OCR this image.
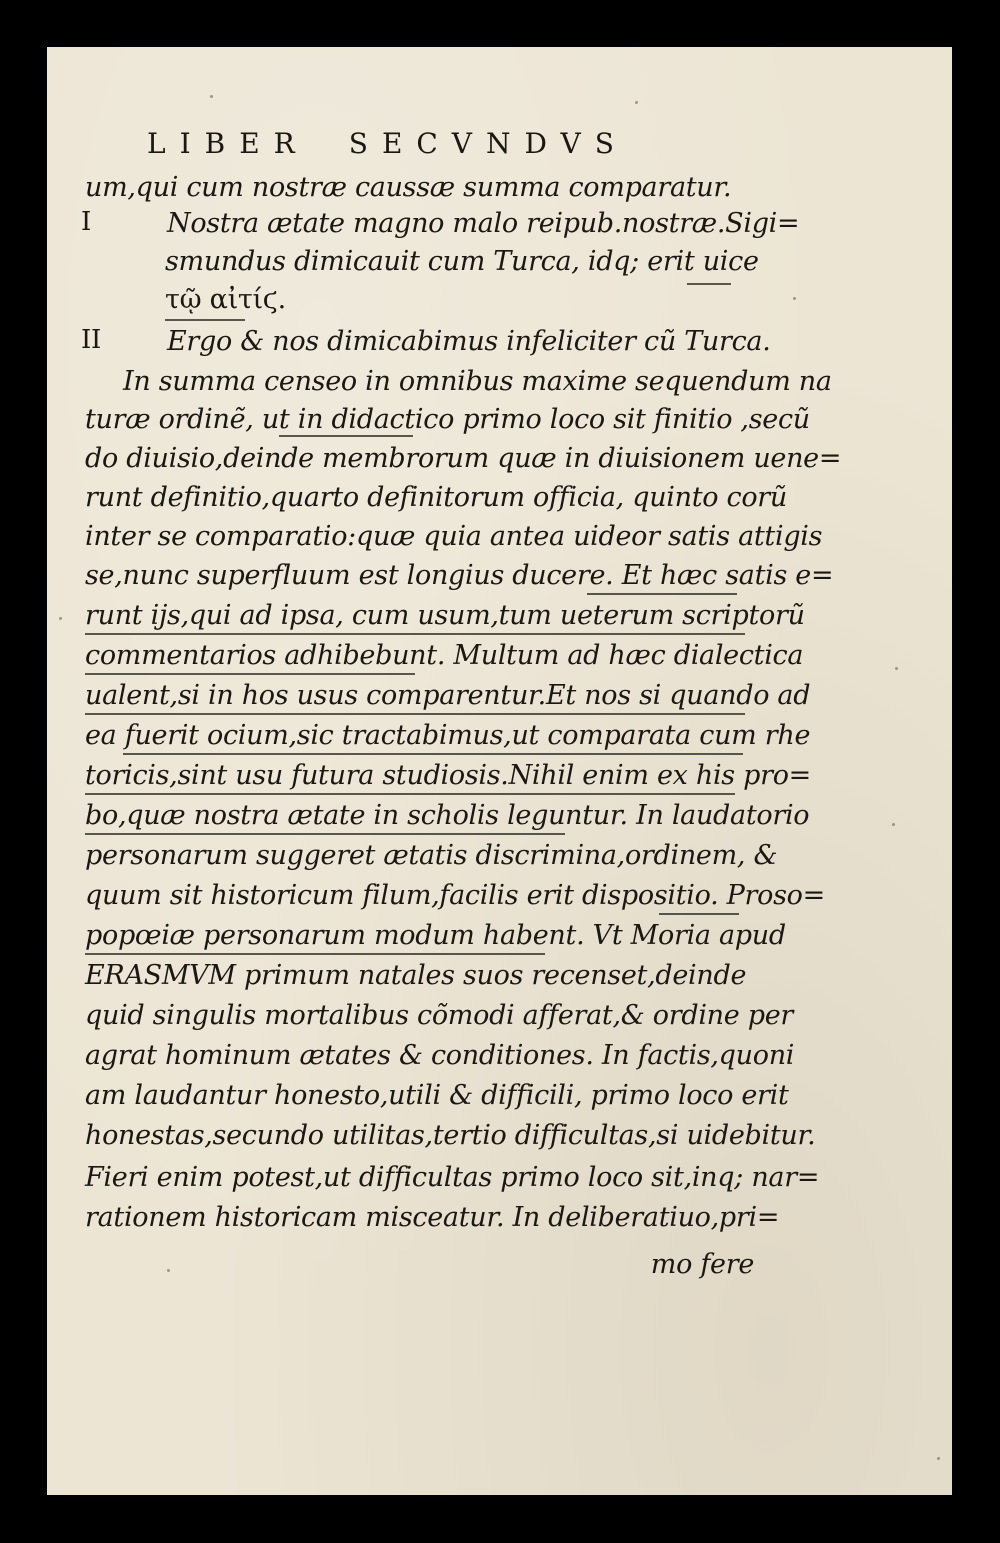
LIBER SECVNDVS
um,qui cum nostræ caussæ summa comparatur.
I	Nostra ætate magno malo reipub.nostræ.Sigi=
smundus dimicauit cum Turca, idq; erit uice
τῷ αἰτίϛ.
II Ergo & nos dimicabimus infeliciter cũ Turca.
In summa censeo in omnibus maxime sequendum na
turæ ordinẽ, ut in didactico primo loco sit finitio ,secũ
do diuisio,deinde membrorum quæ in diuisionem uene=
runt definitio,quarto definitorum officia, quinto corũ
inter se comparatio:quæ quia antea uideor satis attigis
se,nunc superfluum est longius ducere. Et hæc satis e=
runt ijs,qui ad ipsa, cum usum,tum ueterum scriptorũ
commentarios adhibebunt. Multum ad hæc dialectica
ualent,si in hos usus comparentur.Et nos si quando ad
ea fuerit ocium,sic tractabimus,ut comparata cum rhe
toricis,sint usu futura studiosis.Nihil enim ex his pro=
bo,quæ nostra ætate in scholis leguntur. In laudatorio
personarum suggeret ætatis discrimina,ordinem, &
quum sit historicum filum,facilis erit dispositio. Proso=
popœiæ personarum modum habent. Vt Moria apud
ERASMVM primum natales suos recenset,deinde
quid singulis mortalibus cõmodi afferat,& ordine per
agrat hominum ætates & conditiones. In factis,quoni
am laudantur honesto,utili & difficili, primo loco erit
honestas,secundo utilitas,tertio difficultas,si uidebitur.
Fieri enim potest,ut difficultas primo loco sit,inq; nar=
rationem historicam misceatur. In deliberatiuo,pri=
mo fere
